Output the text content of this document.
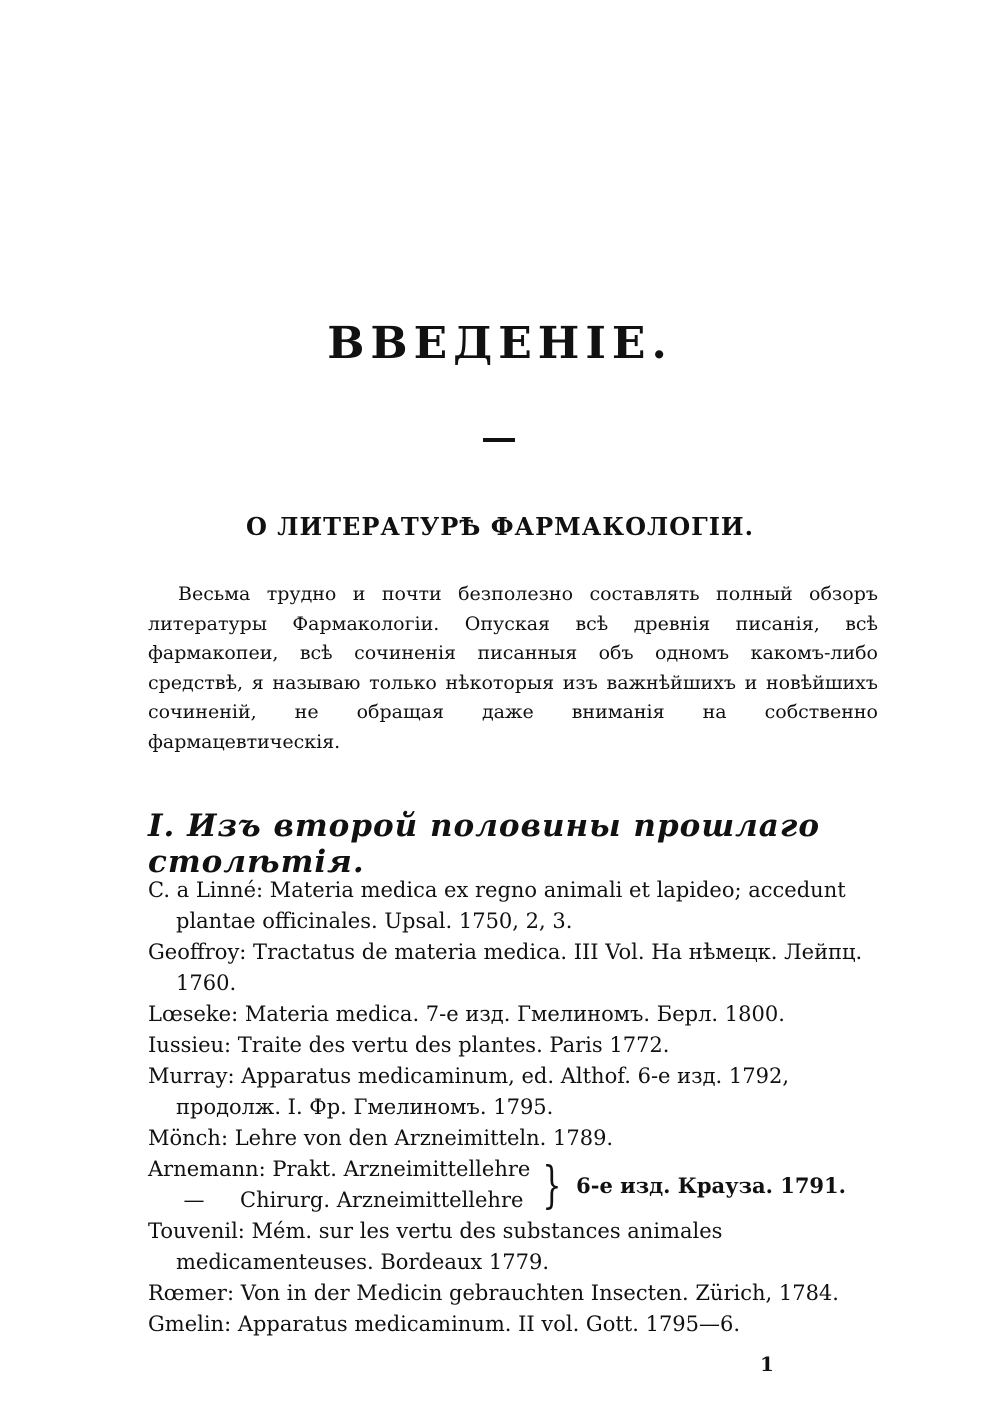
ВВЕДЕНІЕ.
О ЛИТЕРАТУРѢ ФАРМАКОЛОГІИ.
Весьма трудно и почти безполезно составлять полный обзоръ литературы Фармакологіи. Опуская всѣ древнія писанія, всѣ фармакопеи, всѣ сочиненія писанныя объ одномъ какомъ-либо средствѣ, я называю только нѣкоторыя изъ важнѣйшихъ и новѣйшихъ сочиненій, не обращая даже вниманія на собственно фармацевтическія.
I. Изъ второй половины прошлаго столѣтія.
C. a Linné: Materia medica ex regno animali et lapideo; accedunt plantae officinales. Upsal. 1750, 2, 3.
Geoffroy: Tractatus de materia medica. III Vol. На нѣмецк. Лейпц. 1760.
Lœseke: Materia medica. 7-е изд. Гмелиномъ. Берл. 1800.
Iussieu: Traite des vertu des plantes. Paris 1772.
Murray: Apparatus medicaminum, ed. Althof. 6-е изд. 1792, продолж. I. Фр. Гмелиномъ. 1795.
Mönch: Lehre von den Arzneimitteln. 1789.
Arnemann: Prakt. Arzneimittellehre
— Chirurg. Arzneimittellehre } 6-е изд. Крауза. 1791.
Touvenil: Mém. sur les vertu des substances animales medicamenteuses. Bordeaux 1779.
Rœmer: Von in der Medicin gebrauchten Insecten. Zürich, 1784.
Gmelin: Apparatus medicaminum. II vol. Gott. 1795—6.
1
